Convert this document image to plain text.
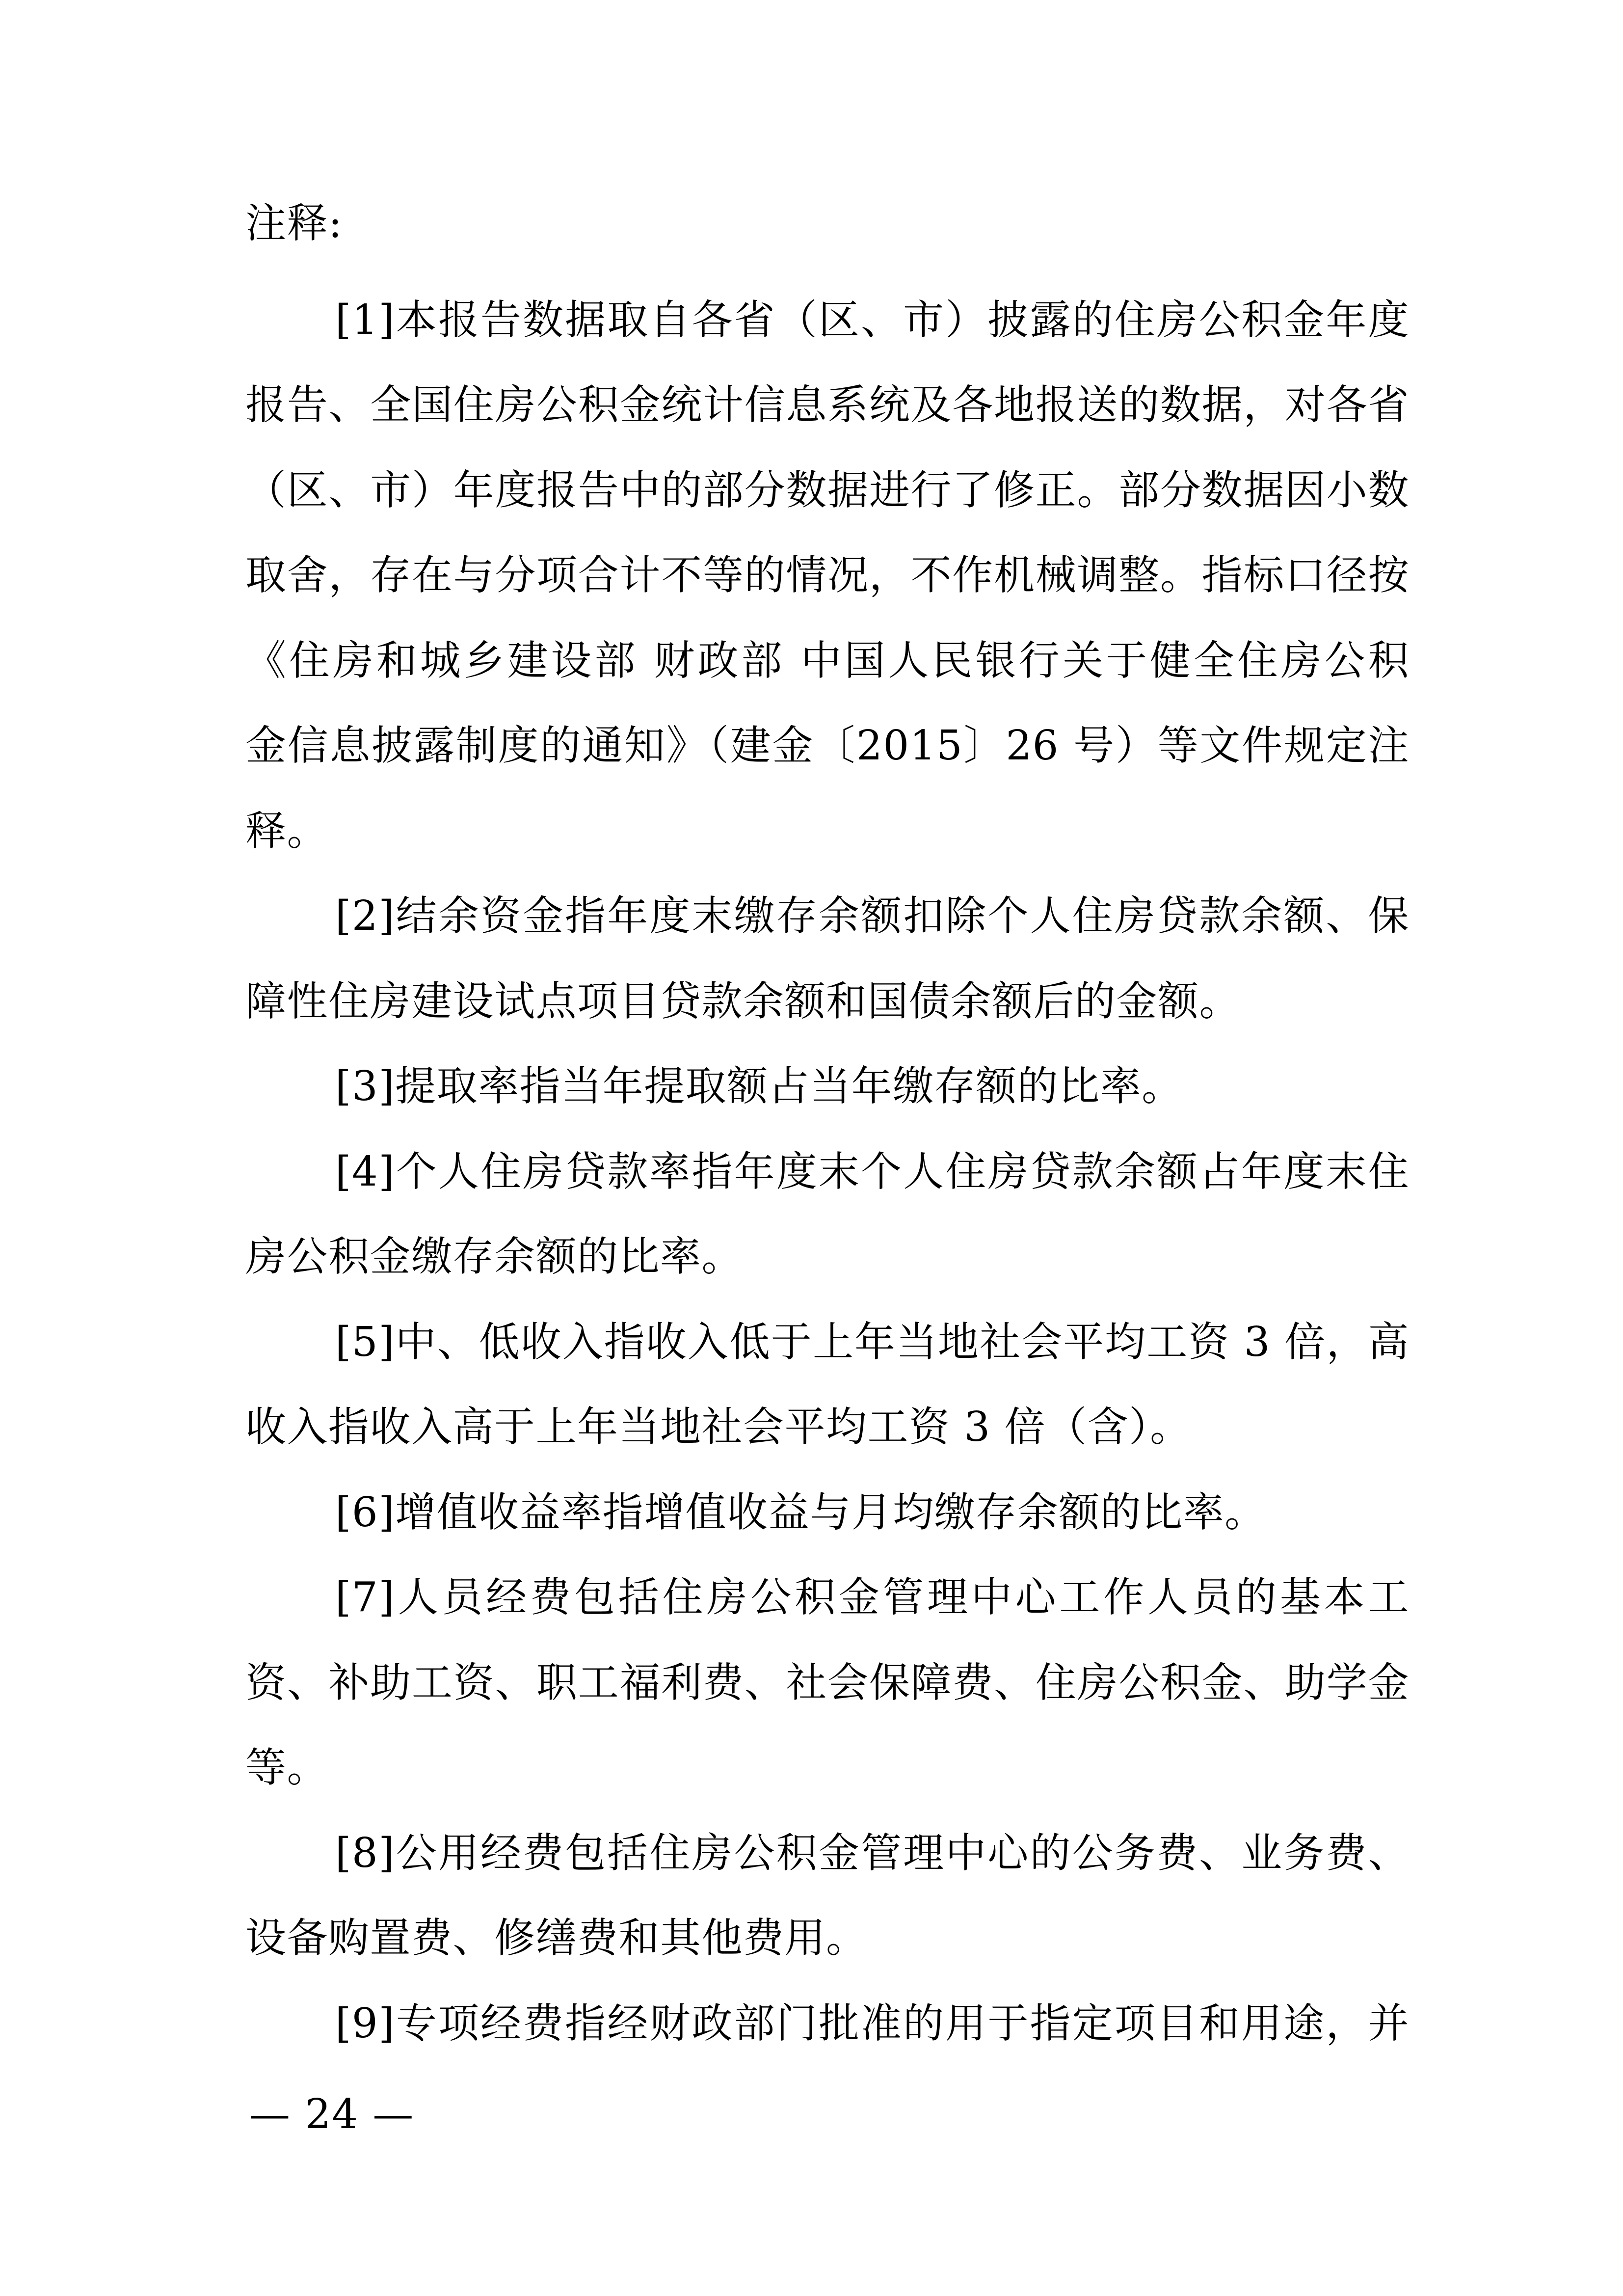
注释:
[1]本报告数据取自各省（区、市）披露的住房公积金年度
报告、全国住房公积金统计信息系统及各地报送的数据，对各省
（区、市）年度报告中的部分数据进行了修正。部分数据因小数
取舍，存在与分项合计不等的情况，不作机械调整。指标口径按
《住房和城乡建设部 财政部 中国人民银行关于健全住房公积
金信息披露制度的通知》（建金〔2015〕26 号）等文件规定注
释。
[2]结余资金指年度末缴存余额扣除个人住房贷款余额、保
障性住房建设试点项目贷款余额和国债余额后的金额。
[3]提取率指当年提取额占当年缴存额的比率。
[4]个人住房贷款率指年度末个人住房贷款余额占年度末住
房公积金缴存余额的比率。
[5]中、低收入指收入低于上年当地社会平均工资 3 倍，高
收入指收入高于上年当地社会平均工资 3 倍（含）。
[6]增值收益率指增值收益与月均缴存余额的比率。
[7]人员经费包括住房公积金管理中心工作人员的基本工
资、补助工资、职工福利费、社会保障费、住房公积金、助学金
等。
[8]公用经费包括住房公积金管理中心的公务费、业务费、
设备购置费、修缮费和其他费用。
[9]专项经费指经财政部门批准的用于指定项目和用途，并
— 24 —
